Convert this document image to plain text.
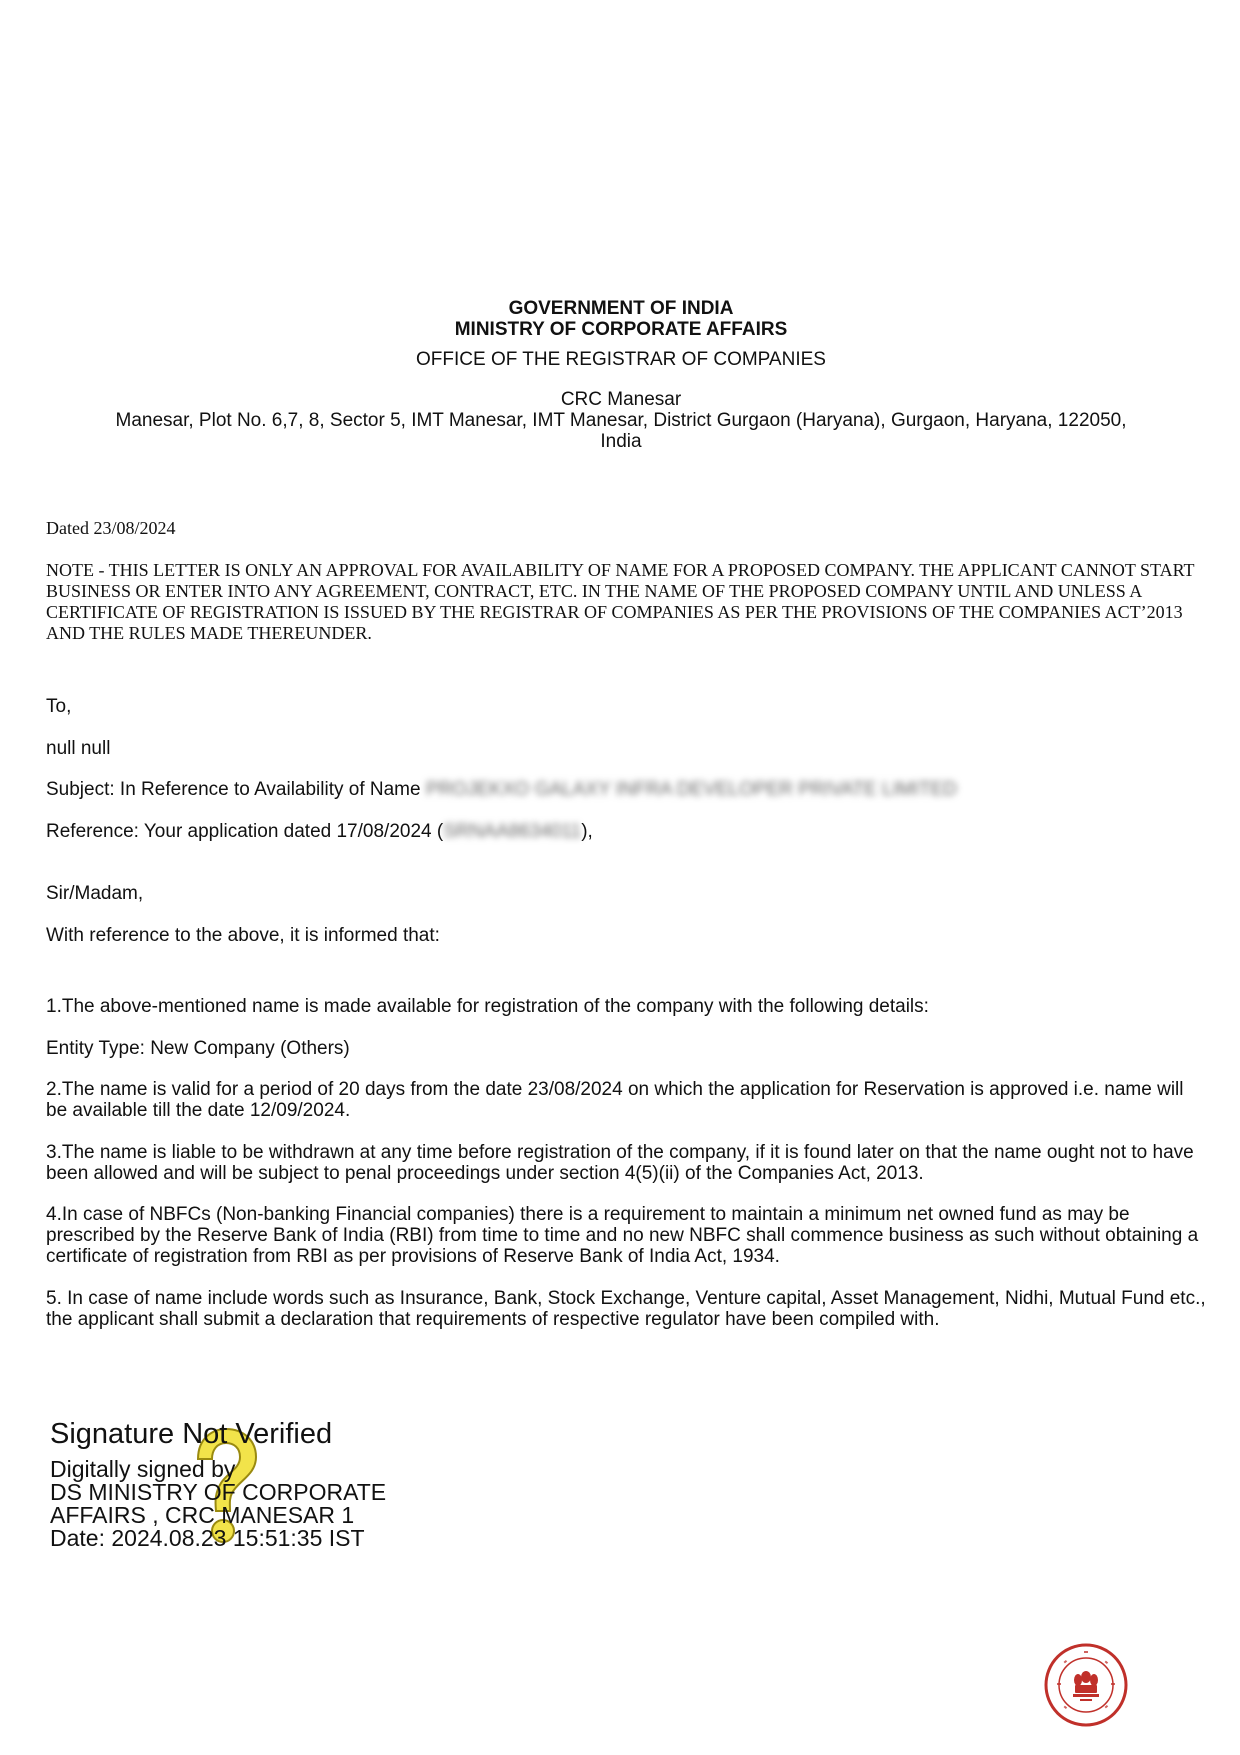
GOVERNMENT OF INDIA

MINISTRY OF CORPORATE AFFAIRS

OFFICE OF THE REGISTRAR OF COMPANIES

CRC Manesar

Manesar, Plot No. 6,7, 8, Sector 5, IMT Manesar, IMT Manesar, District Gurgaon (Haryana), Gurgaon, Haryana, 122050,

India

Dated 23/08/2024

NOTE - THIS LETTER IS ONLY AN APPROVAL FOR AVAILABILITY OF NAME FOR A PROPOSED COMPANY. THE APPLICANT CANNOT START BUSINESS OR ENTER INTO ANY AGREEMENT, CONTRACT, ETC. IN THE NAME OF THE PROPOSED COMPANY UNTIL AND UNLESS A CERTIFICATE OF REGISTRATION IS ISSUED BY THE REGISTRAR OF COMPANIES AS PER THE PROVISIONS OF THE COMPANIES ACT’2013 AND THE RULES MADE THEREUNDER.

To,

null null

Subject: In Reference to Availability of Name PROJEKXO GALAXY INFRA DEVELOPER PRIVATE LIMITED

Reference: Your application dated 17/08/2024 (SRNAA8634011),

Sir/Madam,

With reference to the above, it is informed that:

1.The above-mentioned name is made available for registration of the company with the following details:

Entity Type: New Company (Others)

2.The name is valid for a period of 20 days from the date 23/08/2024 on which the application for Reservation is approved i.e. name will be available till the date 12/09/2024.

3.The name is liable to be withdrawn at any time before registration of the company, if it is found later on that the name ought not to have been allowed and will be subject to penal proceedings under section 4(5)(ii) of the Companies Act, 2013.

4.In case of NBFCs (Non-banking Financial companies) there is a requirement to maintain a minimum net owned fund as may be prescribed by the Reserve Bank of India (RBI) from time to time and no new NBFC shall commence business as such without obtaining a certificate of registration from RBI as per provisions of Reserve Bank of India Act, 1934.

5. In case of name include words such as Insurance, Bank, Stock Exchange, Venture capital, Asset Management, Nidhi, Mutual Fund etc., the applicant shall submit a declaration that requirements of respective regulator have been compiled with.

Signature Not Verified

Digitally signed by
DS MINISTRY OF CORPORATE
AFFAIRS , CRC MANESAR 1
Date: 2024.08.23 15:51:35 IST
